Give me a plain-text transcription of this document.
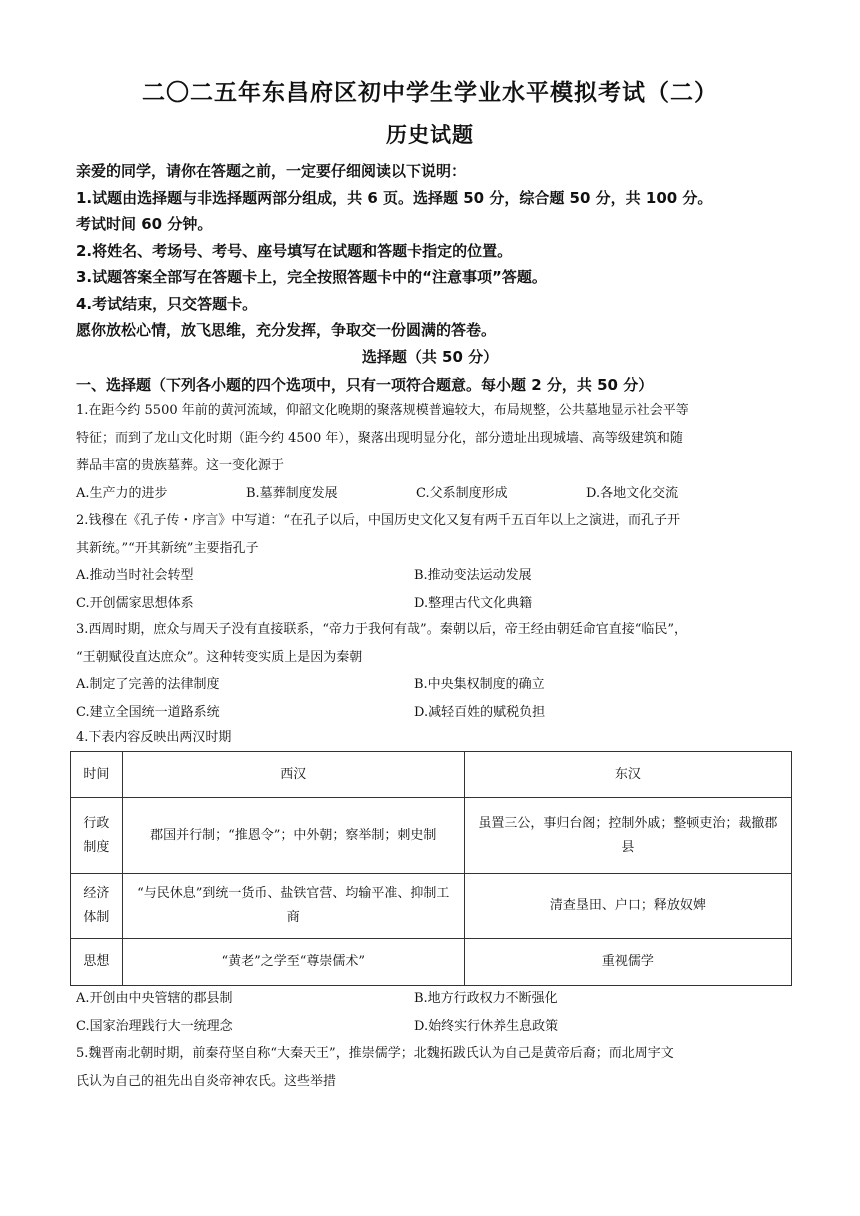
二〇二五年东昌府区初中学生学业水平模拟考试（二）
历史试题

亲爱的同学，请你在答题之前，一定要仔细阅读以下说明：

1.试题由选择题与非选择题两部分组成，共 6 页。选择题 50 分，综合题 50 分，共 100 分。

考试时间 60 分钟。

2.将姓名、考场号、考号、座号填写在试题和答题卡指定的位置。

3.试题答案全部写在答题卡上，完全按照答题卡中的“注意事项”答题。

4.考试结束，只交答题卡。

愿你放松心情，放飞思维，充分发挥，争取交一份圆满的答卷。

选择题（共 50 分）
一、选择题（下列各小题的四个选项中，只有一项符合题意。每小题 2 分，共 50 分）

1.在距今约 5500 年前的黄河流域，仰韶文化晚期的聚落规模普遍较大，布局规整，公共墓地显示社会平等

特征；而到了龙山文化时期（距今约 4500 年），聚落出现明显分化，部分遗址出现城墙、高等级建筑和随

葬品丰富的贵族墓葬。这一变化源于

A.生产力的进步	B.墓葬制度发展	C.父系制度形成	D.各地文化交流

2.钱穆在《孔子传・序言》中写道：“在孔子以后，中国历史文化又复有两千五百年以上之演进，而孔子开

其新统。”“开其新统”主要指孔子

A.推动当时社会转型	B.推动变法运动发展
C.开创儒家思想体系	D.整理古代文化典籍

3.西周时期，庶众与周天子没有直接联系，“帝力于我何有哉”。秦朝以后，帝王经由朝廷命官直接“临民”，

“王朝赋役直达庶众”。这种转变实质上是因为秦朝

A.制定了完善的法律制度	B.中央集权制度的确立
C.建立全国统一道路系统	D.减轻百姓的赋税负担

4.下表内容反映出两汉时期

时间	西汉	东汉
行政制度	郡国并行制；“推恩令”；中外朝；察举制；刺史制	虽置三公，事归台阁；控制外戚；整顿吏治；裁撤郡县
经济体制	“与民休息”到统一货币、盐铁官营、均输平准、抑制工商	清查垦田、户口；释放奴婢
思想	“黄老”之学至“尊崇儒术”	重视儒学
A.开创由中央管辖的郡县制	B.地方行政权力不断强化
C.国家治理践行大一统理念	D.始终实行休养生息政策

5.魏晋南北朝时期，前秦苻坚自称“大秦天王”，推崇儒学；北魏拓跋氏认为自己是黄帝后裔；而北周宇文

氏认为自己的祖先出自炎帝神农氏。这些举措
